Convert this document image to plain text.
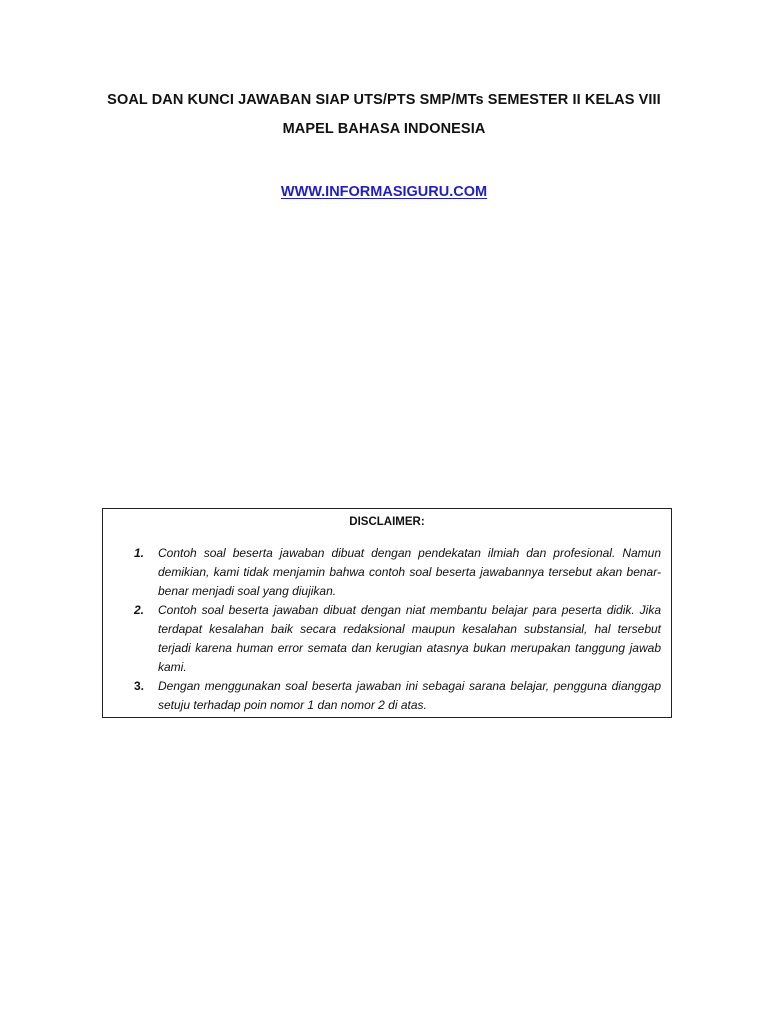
SOAL DAN KUNCI JAWABAN SIAP UTS/PTS SMP/MTs SEMESTER II KELAS VIII
MAPEL BAHASA INDONESIA
WWW.INFORMASIGURU.COM
DISCLAIMER:
1. Contoh soal beserta jawaban dibuat dengan pendekatan ilmiah dan profesional. Namun demikian, kami tidak menjamin bahwa contoh soal beserta jawabannya tersebut akan benar-benar menjadi soal yang diujikan.
2. Contoh soal beserta jawaban dibuat dengan niat membantu belajar para peserta didik. Jika terdapat kesalahan baik secara redaksional maupun kesalahan substansial, hal tersebut terjadi karena human error semata dan kerugian atasnya bukan merupakan tanggung jawab kami.
3. Dengan menggunakan soal beserta jawaban ini sebagai sarana belajar, pengguna dianggap setuju terhadap poin nomor 1 dan nomor 2 di atas.
